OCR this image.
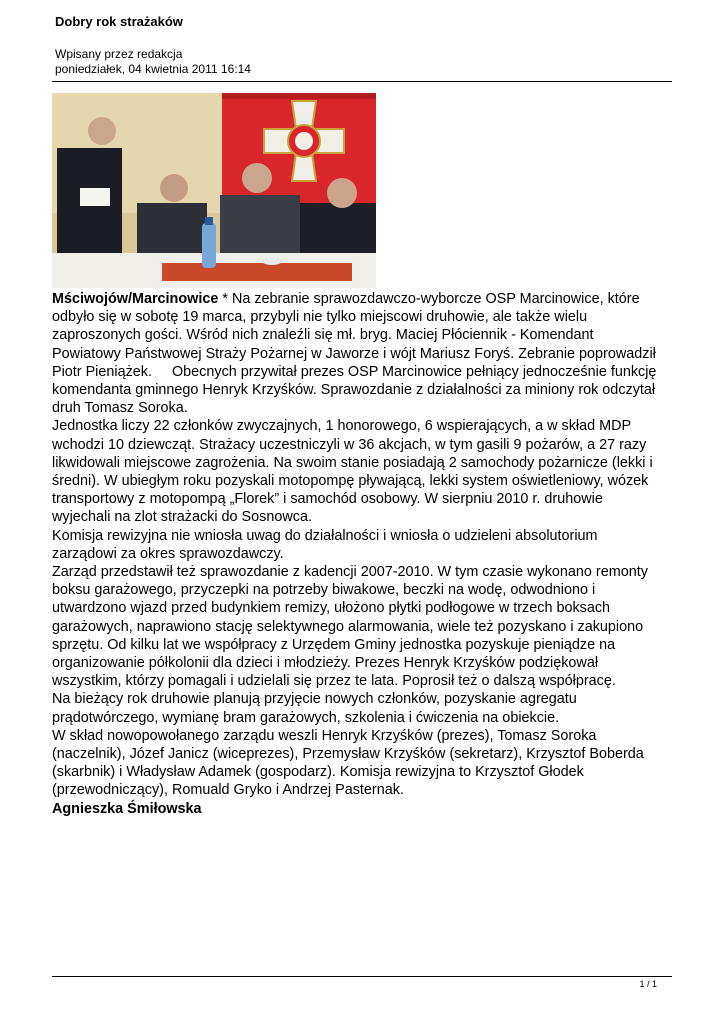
Dobry rok strażaków
Wpisany przez redakcja
poniedziałek, 04 kwietnia 2011 16:14

Mściwojów/Marcinowice * Na zebranie sprawozdawczo-wyborcze OSP Marcinowice, które

odbyło się w sobotę 19 marca, przybyli nie tylko miejscowi druhowie, ale także wielu

zaproszonych gości. Wśród nich znaleźli się mł. bryg. Maciej Płóciennik - Komendant

Powiatowy Państwowej Straży Pożarnej w Jaworze i wójt Mariusz Foryś. Zebranie poprowadził

Piotr Pieniążek.     Obecnych przywitał prezes OSP Marcinowice pełniący jednocześnie funkcję

komendanta gminnego Henryk Krzyśków. Sprawozdanie z działalności za miniony rok odczytał

druh Tomasz Soroka.

Jednostka liczy 22 członków zwyczajnych, 1 honorowego, 6 wspierających, a w skład MDP

wchodzi 10 dziewcząt. Strażacy uczestniczyli w 36 akcjach, w tym gasili 9 pożarów, a 27 razy

likwidowali miejscowe zagrożenia. Na swoim stanie posiadają 2 samochody pożarnicze (lekki i

średni). W ubiegłym roku pozyskali motopompę pływającą, lekki system oświetleniowy, wózek

transportowy z motopompą „Florek” i samochód osobowy. W sierpniu 2010 r. druhowie

wyjechali na zlot strażacki do Sosnowca.

Komisja rewizyjna nie wniosła uwag do działalności i wniosła o udzieleni absolutorium

zarządowi za okres sprawozdawczy.

Zarząd przedstawił też sprawozdanie z kadencji 2007-2010. W tym czasie wykonano remonty

boksu garażowego, przyczepki na potrzeby biwakowe, beczki na wodę, odwodniono i

utwardzono wjazd przed budynkiem remizy, ułożono płytki podłogowe w trzech boksach

garażowych, naprawiono stację selektywnego alarmowania, wiele też pozyskano i zakupiono

sprzętu. Od kilku lat we współpracy z Urzędem Gminy jednostka pozyskuje pieniądze na

organizowanie półkolonii dla dzieci i młodzieży. Prezes Henryk Krzyśków podziękował

wszystkim, którzy pomagali i udzielali się przez te lata. Poprosił też o dalszą współpracę.

Na bieżący rok druhowie planują przyjęcie nowych członków, pozyskanie agregatu

prądotwórczego, wymianę bram garażowych, szkolenia i ćwiczenia na obiekcie.

W skład nowopowołanego zarządu weszli Henryk Krzyśków (prezes), Tomasz Soroka

(naczelnik), Józef Janicz (wiceprezes), Przemysław Krzyśków (sekretarz), Krzysztof Boberda

(skarbnik) i Władysław Adamek (gospodarz). Komisja rewizyjna to Krzysztof Głodek

(przewodniczący), Romuald Gryko i Andrzej Pasternak.

Agnieszka Śmiłowska

1 / 1
